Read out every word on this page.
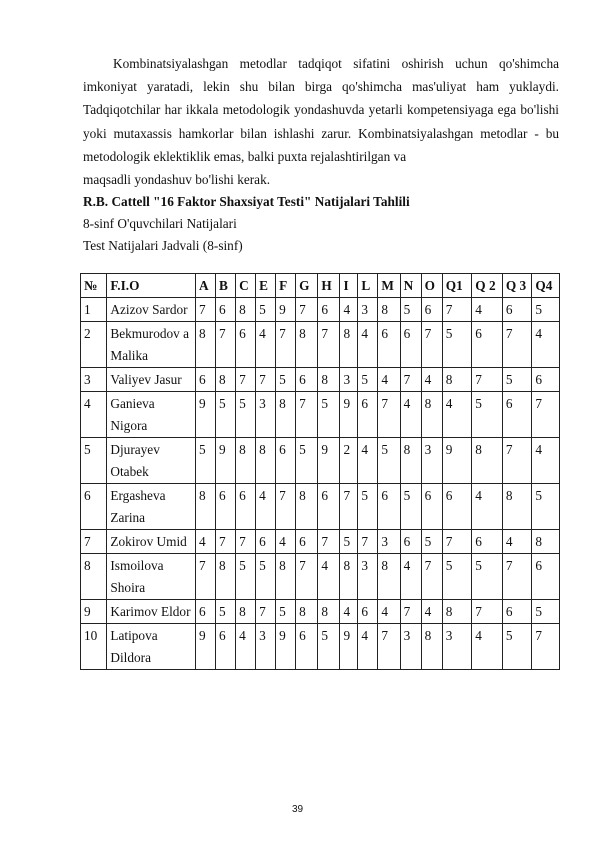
Kombinatsiyalashgan metodlar tadqiqot sifatini oshirish uchun qo'shimcha imkoniyat yaratadi, lekin shu bilan birga qo'shimcha mas'uliyat ham yuklaydi. Tadqiqotchilar har ikkala metodologik yondashuvda yetarli kompetensiyaga ega bo'lishi yoki mutaxassis hamkorlar bilan ishlashi zarur. Kombinatsiyalashgan metodlar - bu metodologik eklektiklik emas, balki puxta rejalashtirilgan va

maqsadli yondashuv bo'lishi kerak.

R.B. Cattell "16 Faktor Shaxsiyat Testi" Natijalari Tahlili

8-sinf O'quvchilari Natijalari

Test Natijalari Jadvali (8-sinf)

№	F.I.O	A	B	C	E	F	G	H	I	L	M	N	O	Q1	Q 2	Q 3	Q4
1	Azizov Sardor	7	6	8	5	9	7	6	4	3	8	5	6	7	4	6	5
2	Bekmurodov a Malika	8	7	6	4	7	8	7	8	4	6	6	7	5	6	7	4
3	Valiyev Jasur	6	8	7	7	5	6	8	3	5	4	7	4	8	7	5	6
4	Ganieva Nigora	9	5	5	3	8	7	5	9	6	7	4	8	4	5	6	7
5	Djurayev Otabek	5	9	8	8	6	5	9	2	4	5	8	3	9	8	7	4
6	Ergasheva Zarina	8	6	6	4	7	8	6	7	5	6	5	6	6	4	8	5
7	Zokirov Umid	4	7	7	6	4	6	7	5	7	3	6	5	7	6	4	8
8	Ismoilova Shoira	7	8	5	5	8	7	4	8	3	8	4	7	5	5	7	6
9	Karimov Eldor	6	5	8	7	5	8	8	4	6	4	7	4	8	7	6	5
10	Latipova Dildora	9	6	4	3	9	6	5	9	4	7	3	8	3	4	5	7
39
